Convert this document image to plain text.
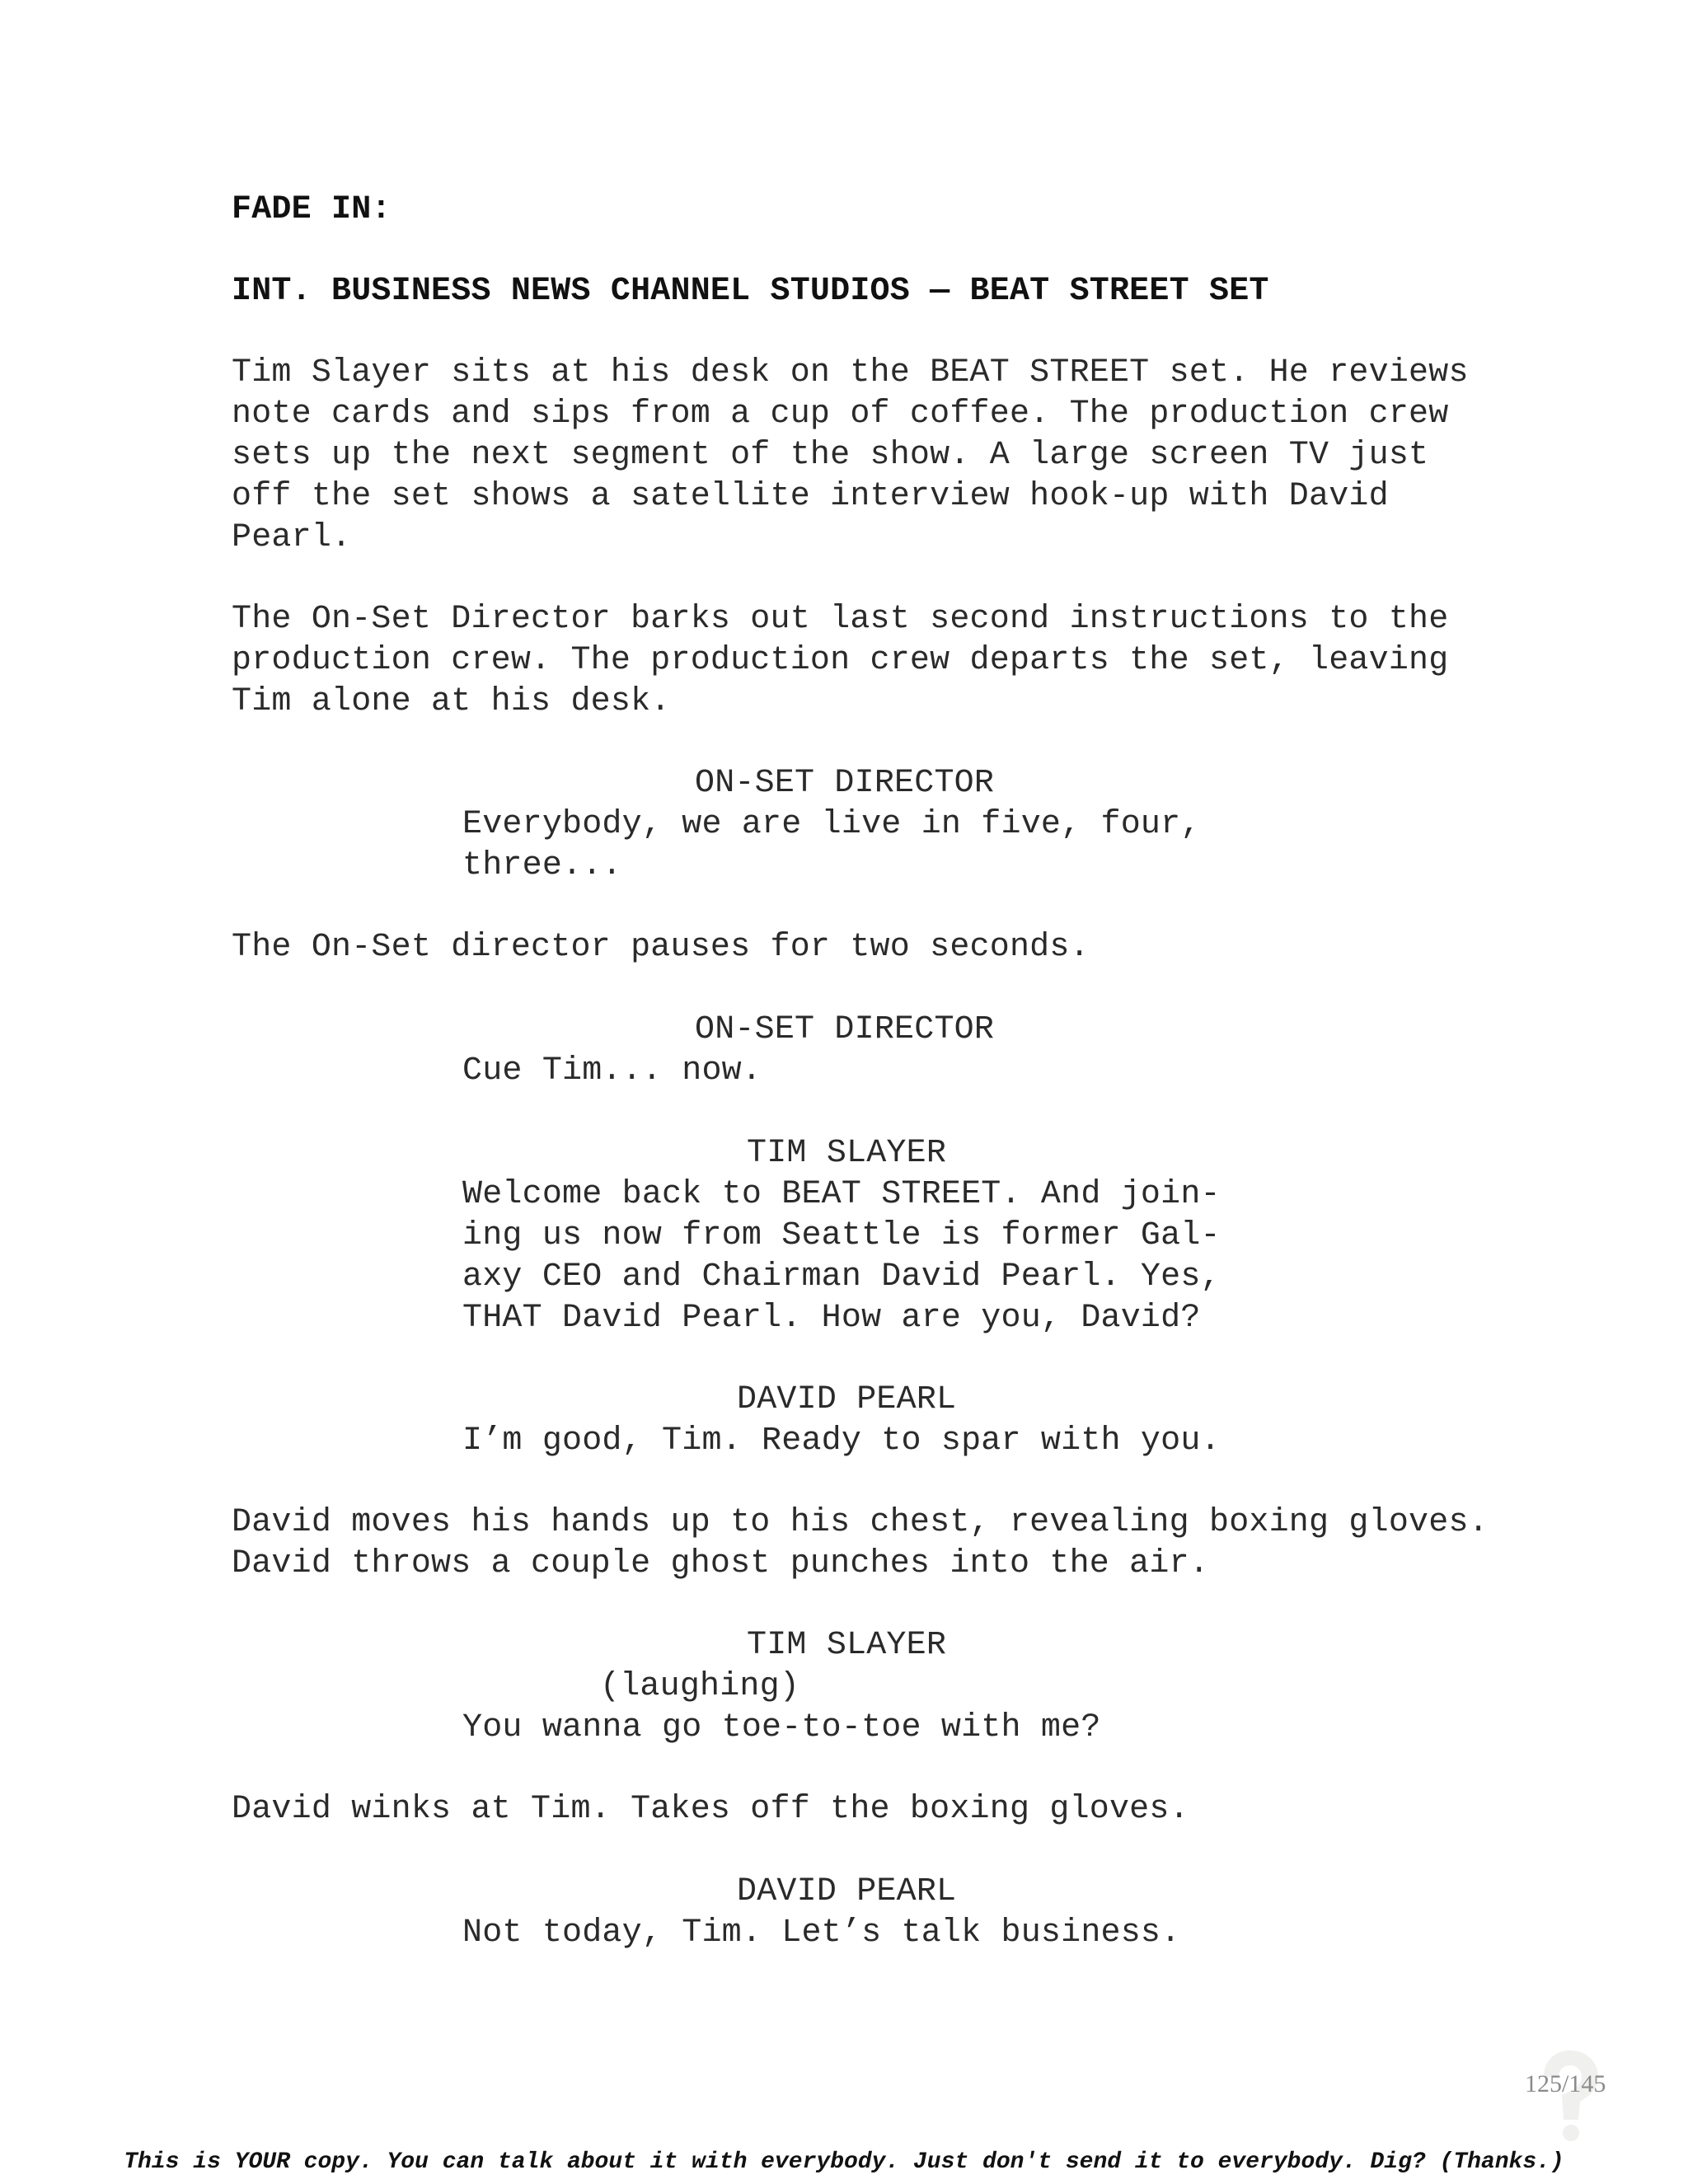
FADE IN:
INT. BUSINESS NEWS CHANNEL STUDIOS — BEAT STREET SET
Tim Slayer sits at his desk on the BEAT STREET set. He reviews
note cards and sips from a cup of coffee. The production crew
sets up the next segment of the show. A large screen TV just
off the set shows a satellite interview hook-up with David
Pearl.
The On-Set Director barks out last second instructions to the
production crew. The production crew departs the set, leaving
Tim alone at his desk.
ON-SET DIRECTOR
Everybody, we are live in five, four,
three...
The On-Set director pauses for two seconds.
ON-SET DIRECTOR
Cue Tim... now.
TIM SLAYER
Welcome back to BEAT STREET. And join-
ing us now from Seattle is former Gal-
axy CEO and Chairman David Pearl. Yes,
THAT David Pearl. How are you, David?
DAVID PEARL
I’m good, Tim. Ready to spar with you.
David moves his hands up to his chest, revealing boxing gloves.
David throws a couple ghost punches into the air.
TIM SLAYER
(laughing)
You wanna go toe-to-toe with me?
David winks at Tim. Takes off the boxing gloves.
DAVID PEARL
Not today, Tim. Let’s talk business.
125/145
This is YOUR copy. You can talk about it with everybody. Just don't send it to everybody. Dig? (Thanks.)
